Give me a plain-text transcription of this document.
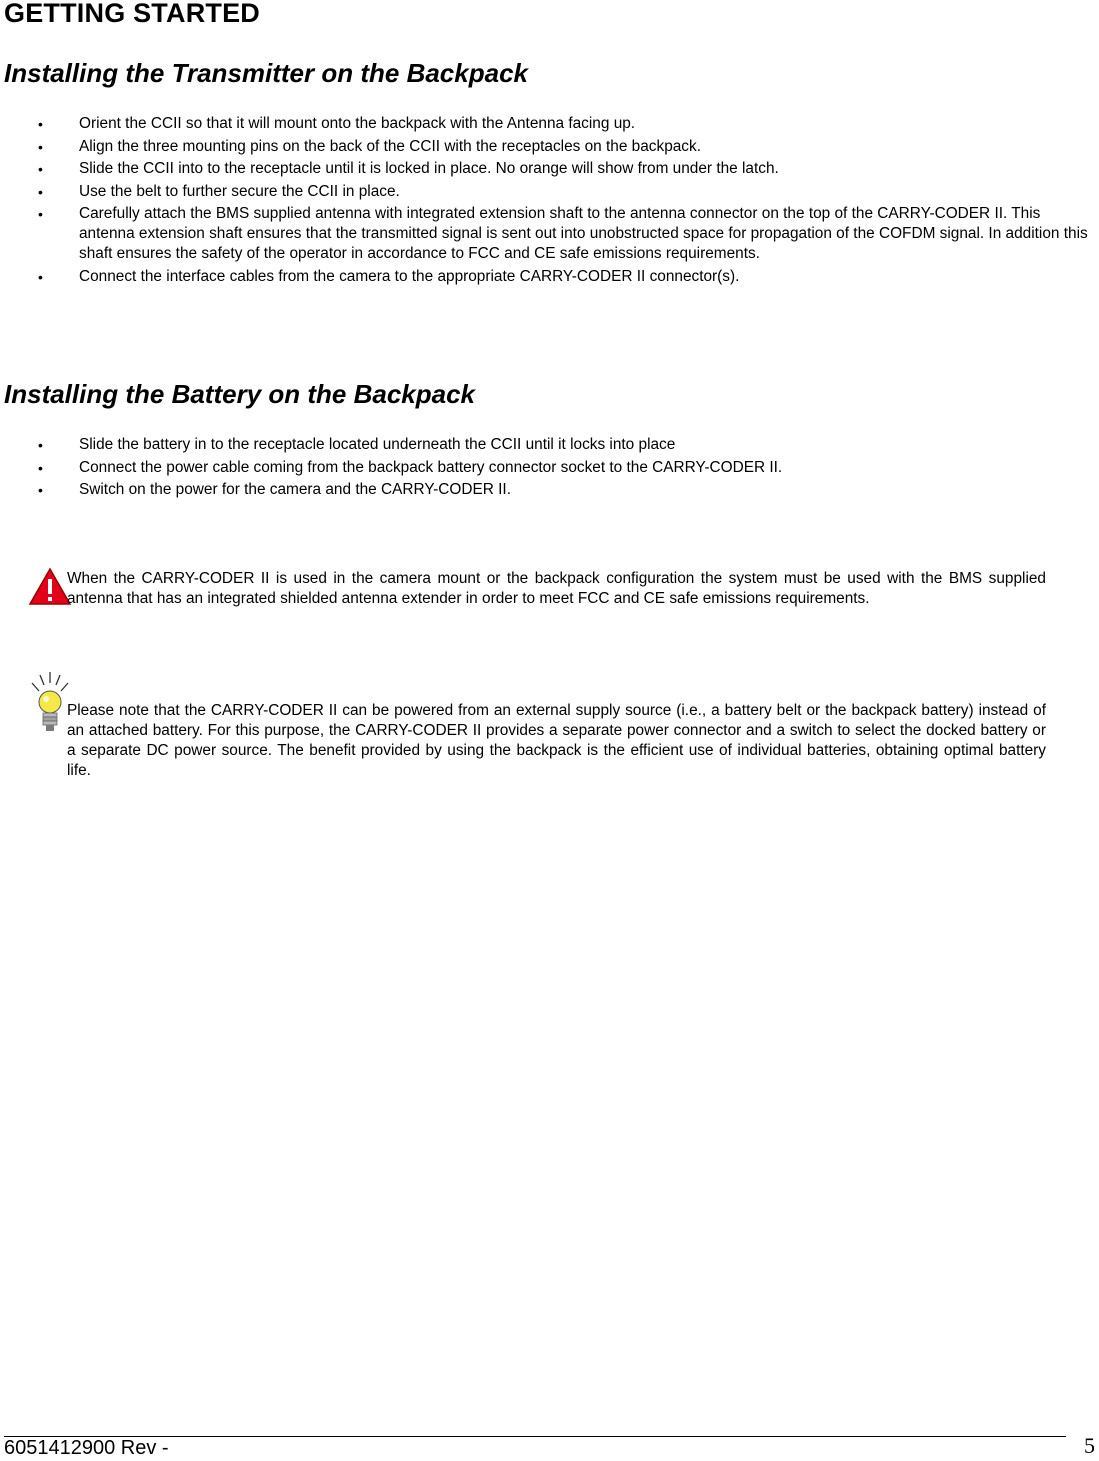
GETTING STARTED
Installing the Transmitter on the Backpack
• Orient the CCII so that it will mount onto the backpack with the Antenna facing up.
• Align the three mounting pins on the back of the CCII with the receptacles on the backpack.
• Slide the CCII into to the receptacle until it is locked in place. No orange will show from under the latch.
• Use the belt to further secure the CCII in place.
• Carefully attach the BMS supplied antenna with integrated extension shaft to the antenna connector on the top of the CARRY-CODER II. This antenna extension shaft ensures that the transmitted signal is sent out into unobstructed space for propagation of the COFDM signal. In addition this shaft ensures the safety of the operator in accordance to FCC and CE safe emissions requirements.
• Connect the interface cables from the camera to the appropriate CARRY-CODER II connector(s).
Installing the Battery on the Backpack
• Slide the battery in to the receptacle located underneath the CCII until it locks into place
• Connect the power cable coming from the backpack battery connector socket to the CARRY-CODER II.
• Switch on the power for the camera and the CARRY-CODER II.

When the CARRY-CODER II is used in the camera mount or the backpack configuration the system must be used with the BMS supplied antenna that has an integrated shielded antenna extender in order to meet FCC and CE safe emissions requirements.

Please note that the CARRY-CODER II can be powered from an external supply source (i.e., a battery belt or the backpack battery) instead of an attached battery. For this purpose, the CARRY-CODER II provides a separate power connector and a switch to select the docked battery or a separate DC power source. The benefit provided by using the backpack is the efficient use of individual batteries, obtaining optimal battery life.

6051412900 Rev -	5
